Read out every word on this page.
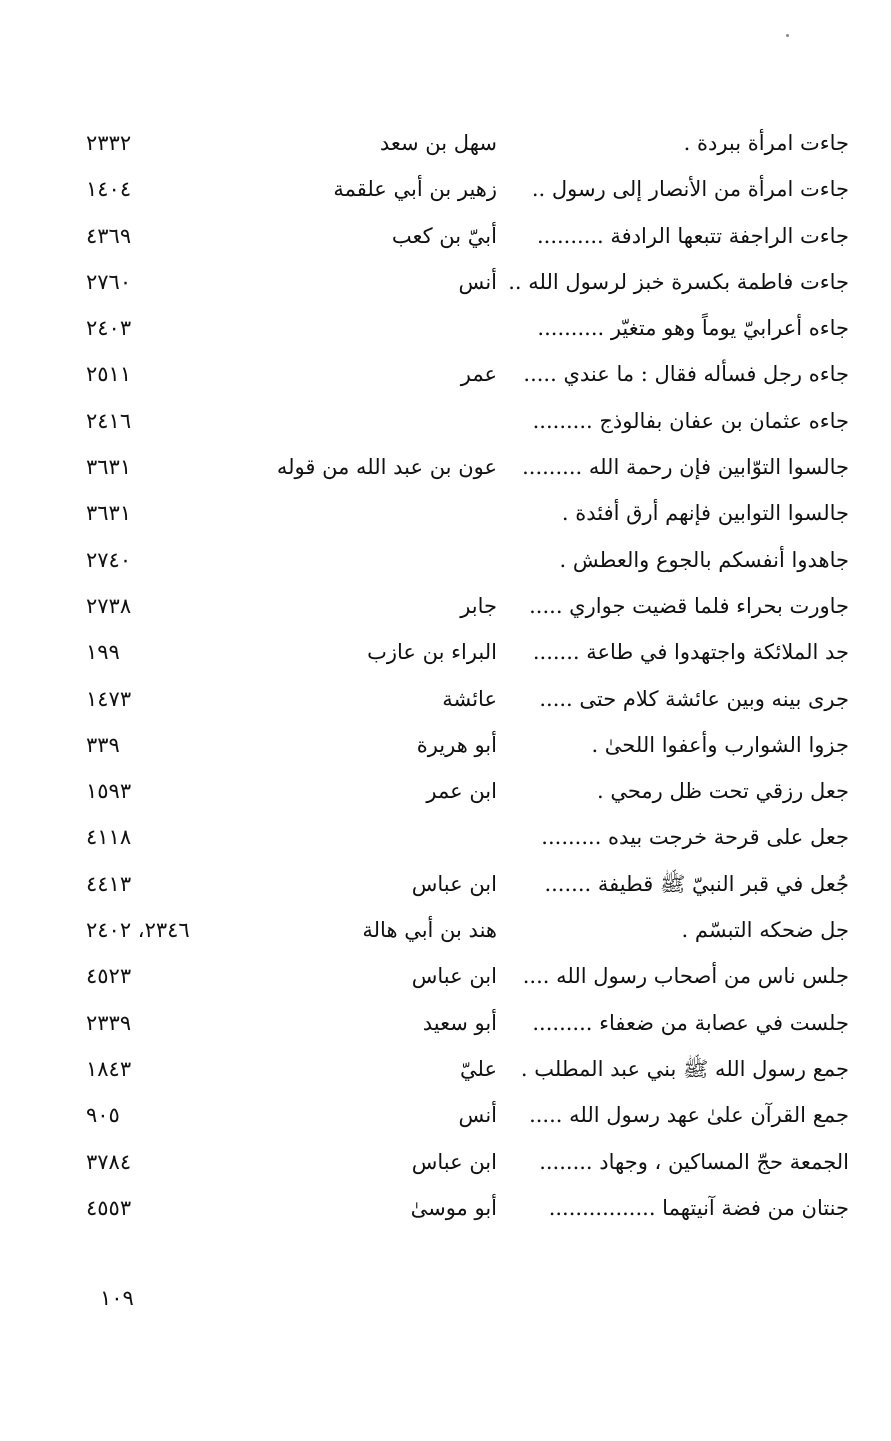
جاءت امرأة ببردة .
سهل بن سعد
٢٣٣٢
جاءت امرأة من الأنصار إلى رسول ..
زهير بن أبي علقمة
١٤٠٤
جاءت الراجفة تتبعها الرادفة ..........
أبيّ بن كعب
٤٣٦٩
جاءت فاطمة بكسرة خبز لرسول الله ..
أنس
٢٧٦٠
جاءه أعرابيّ يوماً وهو متغيّر ..........
٢٤٠٣
جاءه رجل فسأله فقال : ما عندي .....
عمر
٢٥١١
جاءه عثمان بن عفان بفالوذج .........
٢٤١٦
جالسوا التوّابين فإن رحمة الله .........
عون بن عبد الله من قوله
٣٦٣١
جالسوا التوابين فإنهم أرق أفئدة .
٣٦٣١
جاهدوا أنفسكم بالجوع والعطش .
٢٧٤٠
جاورت بحراء فلما قضيت جواري .....
جابر
٢٧٣٨
جد الملائكة واجتهدوا في طاعة .......
البراء بن عازب
١٩٩
جرى بينه وبين عائشة كلام حتى .....
عائشة
١٤٧٣
جزوا الشوارب وأعفوا اللحىٰ .
أبو هريرة
٣٣٩
جعل رزقي تحت ظل رمحي .
ابن عمر
١٥٩٣
جعل على قرحة خرجت بيده .........
٤١١٨
جُعل في قبر النبيّ ﷺ قطيفة .......
ابن عباس
٤٤١٣
جل ضحكه التبسّم .
هند بن أبي هالة
٢٣٤٦، ٢٤٠٢
جلس ناس من أصحاب رسول الله ....
ابن عباس
٤٥٢٣
جلست في عصابة من ضعفاء .........
أبو سعيد
٢٣٣٩
جمع رسول الله ﷺ بني عبد المطلب .
عليّ
١٨٤٣
جمع القرآن علىٰ عهد رسول الله .....
أنس
٩٠٥
الجمعة حجّ المساكين ، وجهاد ........
ابن عباس
٣٧٨٤
جنتان من فضة آنيتهما ................
أبو موسىٰ
٤٥٥٣
١٠٩
